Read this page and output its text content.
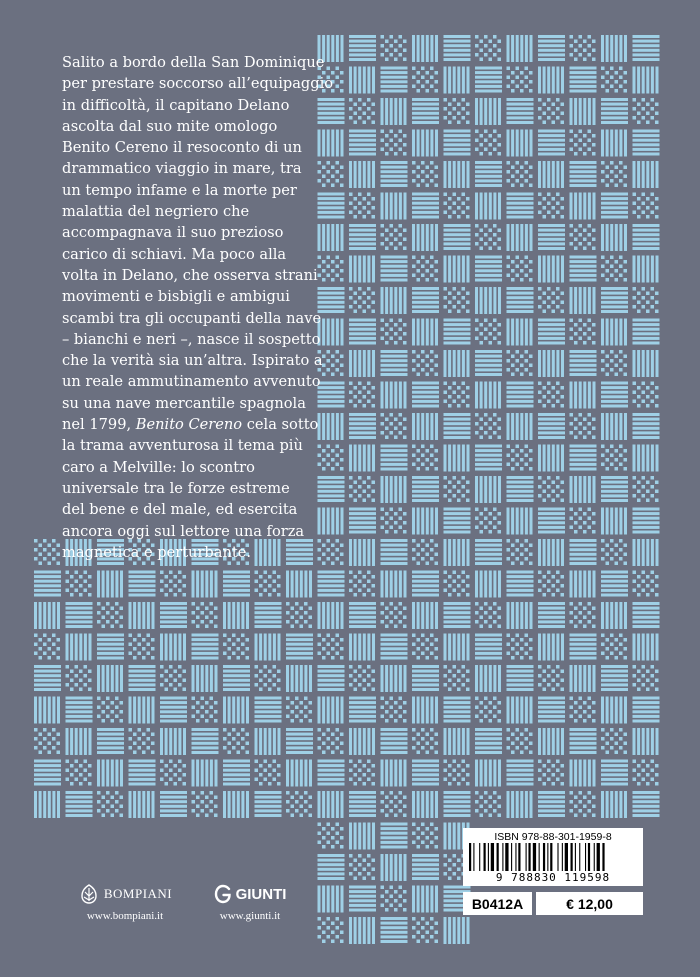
Salito a bordo della San Dominique
per prestare soccorso all’equipaggio
in difficoltà, il capitano Delano
ascolta dal suo mite omologo
Benito Cereno il resoconto di un
drammatico viaggio in mare, tra
un tempo infame e la morte per
malattia del negriero che
accompagnava il suo prezioso
carico di schiavi. Ma poco alla
volta in Delano, che osserva strani
movimenti e bisbigli e ambigui
scambi tra gli occupanti della nave
– bianchi e neri –, nasce il sospetto
che la verità sia un’altra. Ispirato a
un reale ammutinamento avvenuto
su una nave mercantile spagnola
nel 1799, Benito Cereno cela sotto
la trama avventurosa il tema più
caro a Melville: lo scontro
universale tra le forze estreme
del bene e del male, ed esercita
ancora oggi sul lettore una forza
magnetica e perturbante.

BOMPIANI
www.bompiani.it
GIUNTI
www.giunti.it
ISBN 978-88-301-1959-8
9 788830 119598
B0412A	€ 12,00
